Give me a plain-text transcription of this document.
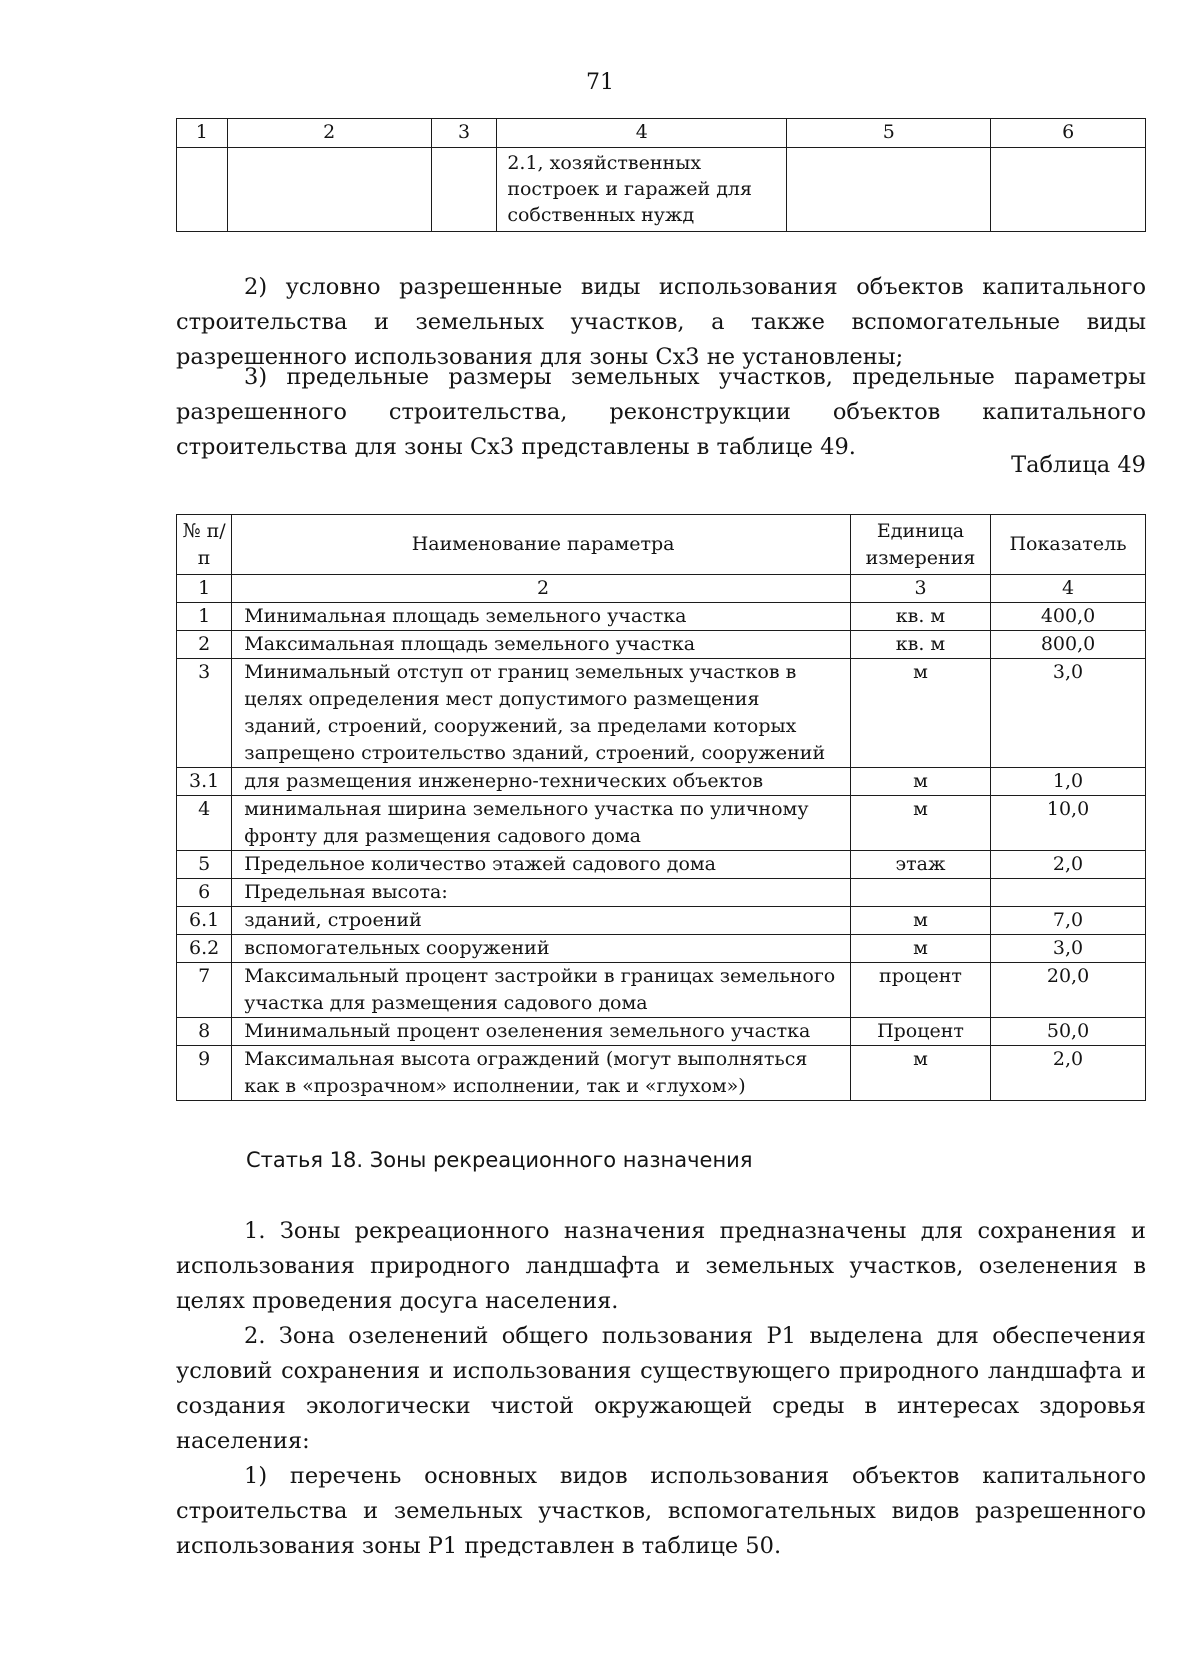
71
1	2	3	4	5	6

			2.1, хозяйственных построек и гаражей для собственных нужд		

2) условно разрешенные виды использования объектов капитального строительства и земельных участков, а также вспомогательные виды разрешенного использования для зоны Сх3 не установлены;
3) предельные размеры земельных участков, предельные параметры разрешенного строительства, реконструкции объектов капитального строительства для зоны Сх3 представлены в таблице 49.
Таблица 49
№ п/п	Наименование параметра	Единица измерения	Показатель
1	2	3	4
1	Минимальная площадь земельного участка	кв. м	400,0
2	Максимальная площадь земельного участка	кв. м	800,0
3	Минимальный отступ от границ земельных участков в целях определения мест допустимого размещения зданий, строений, сооружений, за пределами которых запрещено строительство зданий, строений, сооружений	м	3,0
3.1	для размещения инженерно-технических объектов	м	1,0
4	минимальная ширина земельного участка по уличному фронту для размещения садового дома	м	10,0
5	Предельное количество этажей садового дома	этаж	2,0
6	Предельная высота:		
6.1	зданий, строений	м	7,0
6.2	вспомогательных сооружений	м	3,0
7	Максимальный процент застройки в границах земельного участка для размещения садового дома	процент	20,0
8	Минимальный процент озеленения земельного участка	Процент	50,0
9	Максимальная высота ограждений (могут выполняться как в «прозрачном» исполнении, так и «глухом»)	м	2,0
Статья 18. Зоны рекреационного назначения
1. Зоны рекреационного назначения предназначены для сохранения и использования природного ландшафта и земельных участков, озеленения в целях проведения досуга населения.
2. Зона озеленений общего пользования Р1 выделена для обеспечения условий сохранения и использования существующего природного ландшафта и создания экологически чистой окружающей среды в интересах здоровья населения:
1) перечень основных видов использования объектов капитального строительства и земельных участков, вспомогательных видов разрешенного использования зоны Р1 представлен в таблице 50.
